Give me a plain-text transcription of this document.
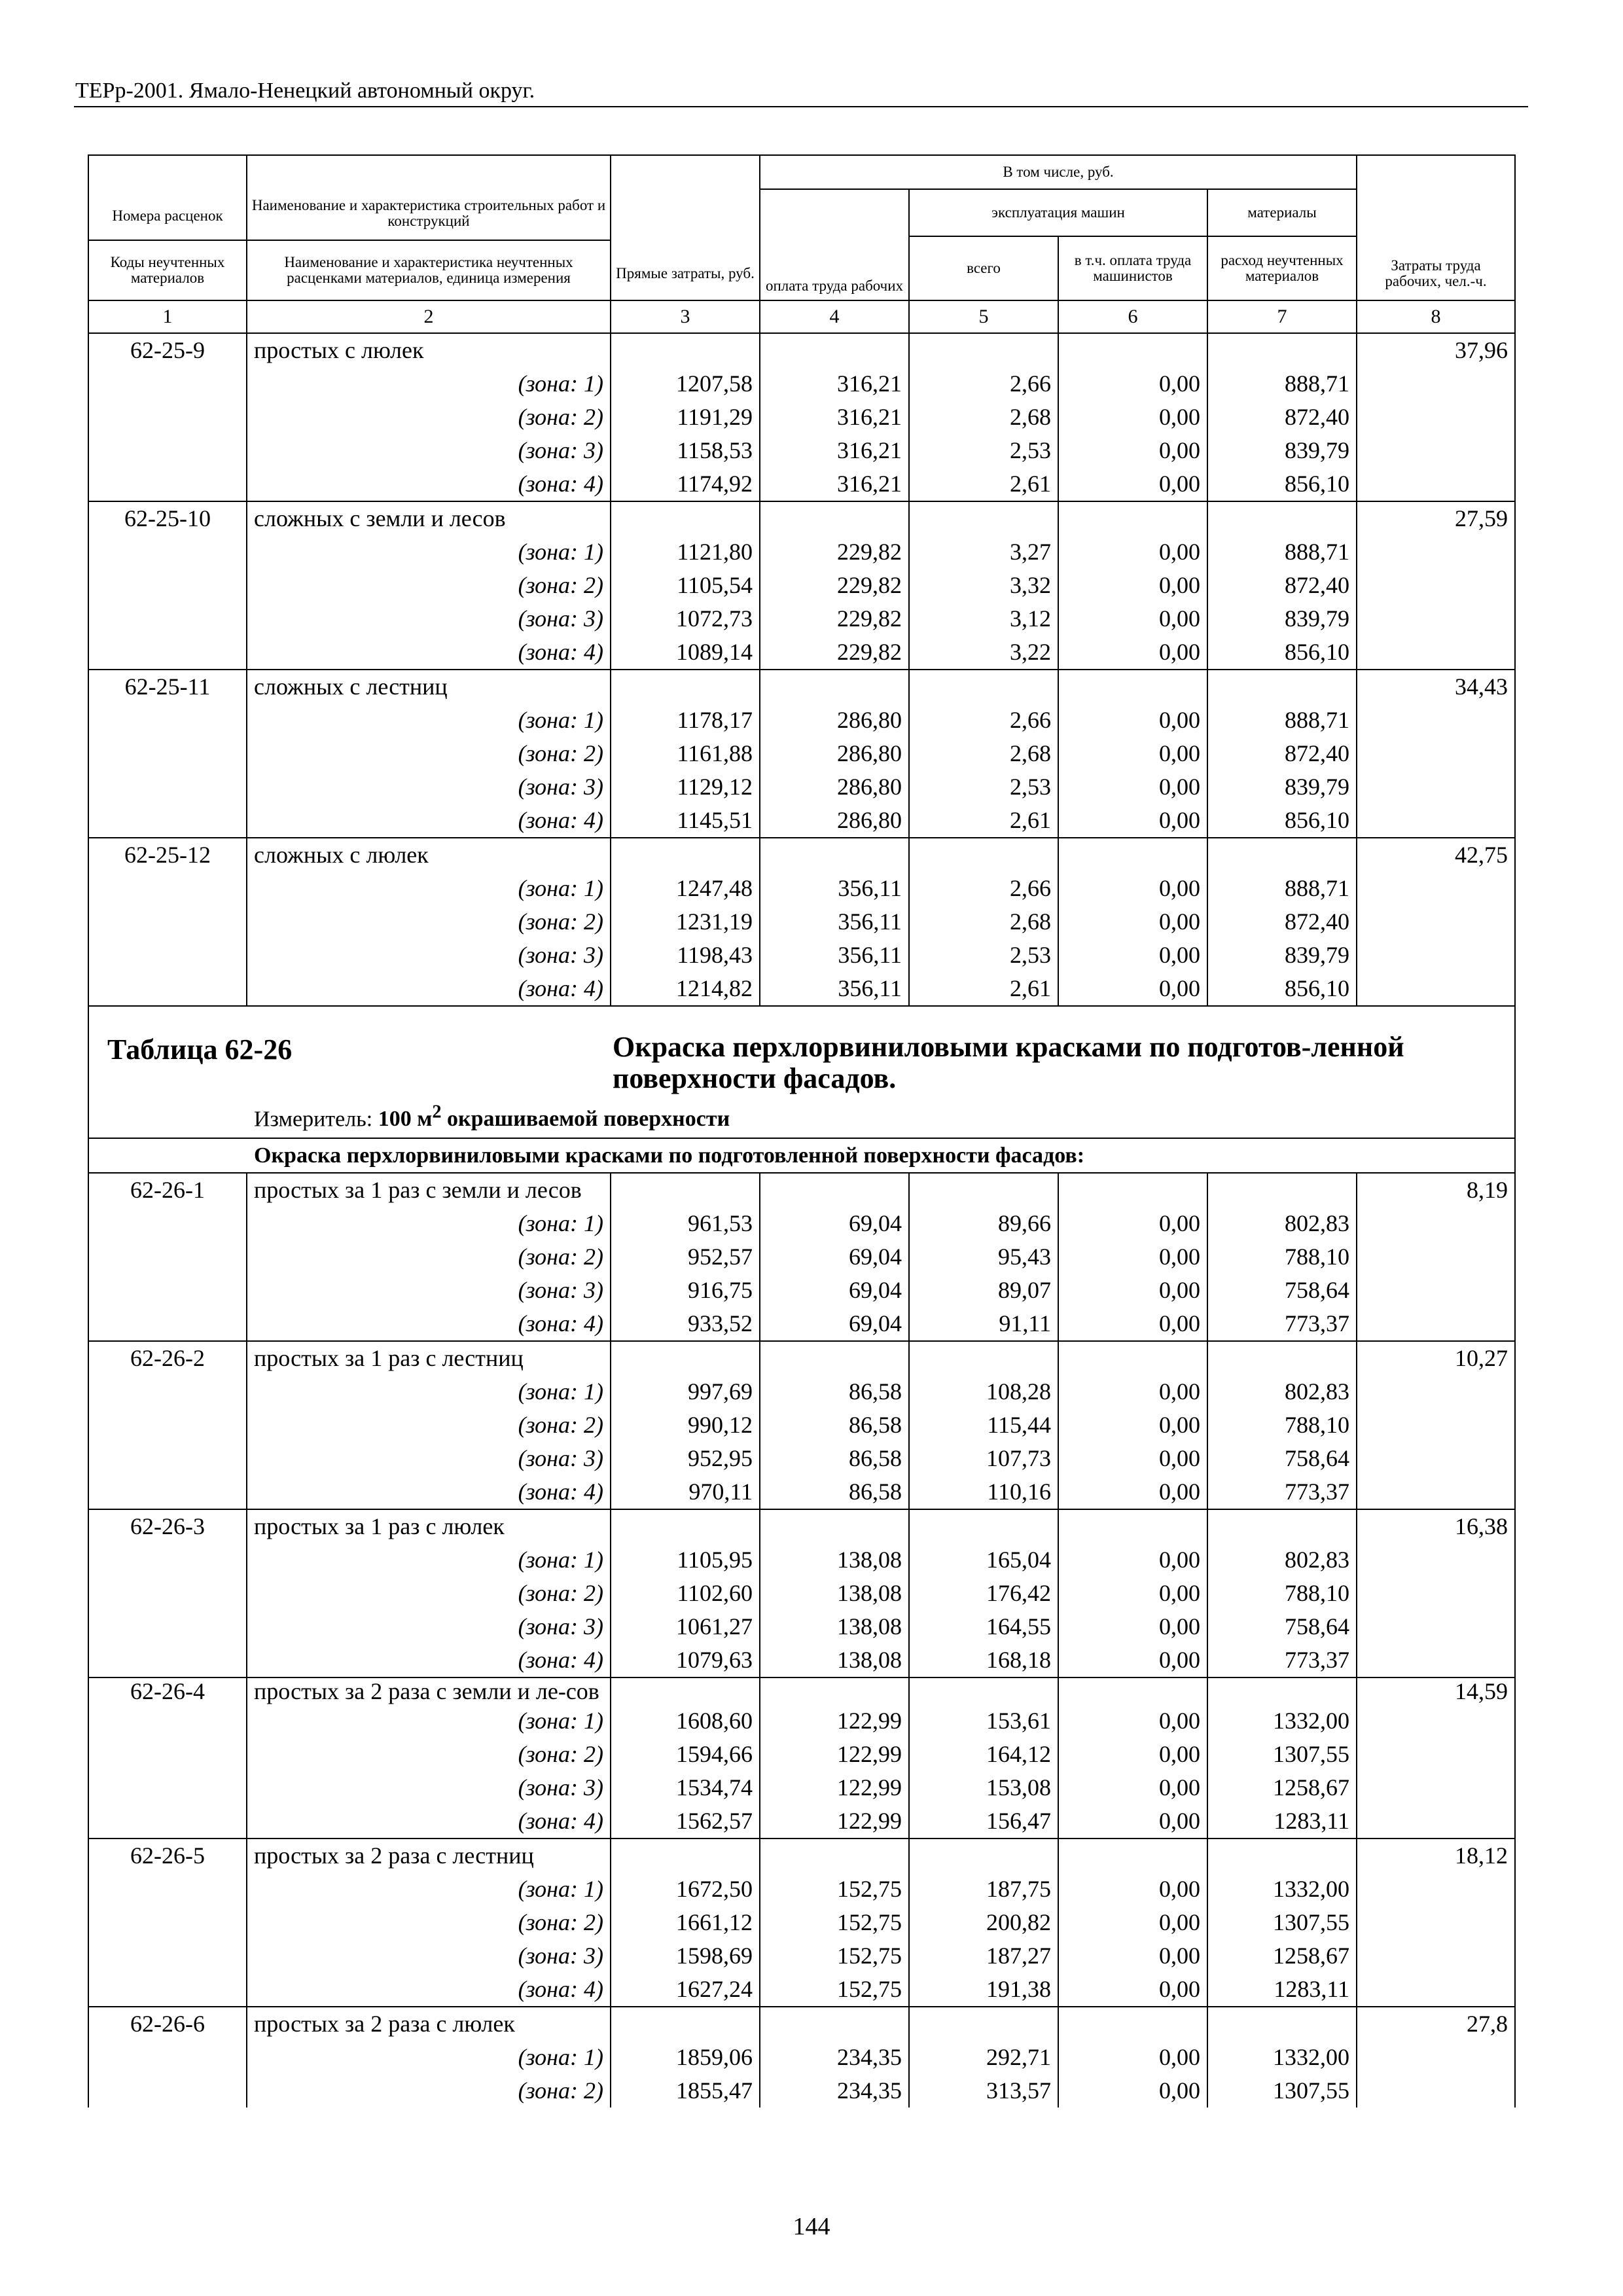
ТЕРр-2001. Ямало-Ненецкий автономный округ.
Номера расценок	Наименование и характеристика строительных работ и конструкций	Прямые затраты, руб.	В том числе, руб.				Затраты труда рабочих, чел.-ч.

			оплата труда рабочих	эксплуатация машин		материалы	
				всего	в т.ч. оплата труда машинистов	расход неучтенных материалов	
Коды неучтенных материалов	Наименование и характеристика неучтенных расценками материалов, единица измерения						
1	2	3	4	5	6	7	8
62-25-9	простых с люлек						37,96
	(зона: 1)	1207,58	316,21	2,66	0,00	888,71	
	(зона: 2)	1191,29	316,21	2,68	0,00	872,40	
	(зона: 3)	1158,53	316,21	2,53	0,00	839,79	
	(зона: 4)	1174,92	316,21	2,61	0,00	856,10	
62-25-10	сложных с земли и лесов						27,59
	(зона: 1)	1121,80	229,82	3,27	0,00	888,71	
	(зона: 2)	1105,54	229,82	3,32	0,00	872,40	
	(зона: 3)	1072,73	229,82	3,12	0,00	839,79	
	(зона: 4)	1089,14	229,82	3,22	0,00	856,10	
62-25-11	сложных с лестниц						34,43
	(зона: 1)	1178,17	286,80	2,66	0,00	888,71	
	(зона: 2)	1161,88	286,80	2,68	0,00	872,40	
	(зона: 3)	1129,12	286,80	2,53	0,00	839,79	
	(зона: 4)	1145,51	286,80	2,61	0,00	856,10	
62-25-12	сложных с люлек						42,75
	(зона: 1)	1247,48	356,11	2,66	0,00	888,71	
	(зона: 2)	1231,19	356,11	2,68	0,00	872,40	
	(зона: 3)	1198,43	356,11	2,53	0,00	839,79	
	(зона: 4)	1214,82	356,11	2,61	0,00	856,10	

Таблица 62-26 Окраска перхлорвиниловыми красками по подготов-ленной поверхности фасадов.
Измеритель: 100 $м^2$ окрашиваемой поверхности							

Окраска перхлорвиниловыми красками по подготовленной поверхности фасадов:							
62-26-1	простых за 1 раз с земли и лесов						8,19
	(зона: 1)	961,53	69,04	89,66	0,00	802,83	
	(зона: 2)	952,57	69,04	95,43	0,00	788,10	
	(зона: 3)	916,75	69,04	89,07	0,00	758,64	
	(зона: 4)	933,52	69,04	91,11	0,00	773,37	
62-26-2	простых за 1 раз с лестниц						10,27
	(зона: 1)	997,69	86,58	108,28	0,00	802,83	
	(зона: 2)	990,12	86,58	115,44	0,00	788,10	
	(зона: 3)	952,95	86,58	107,73	0,00	758,64	
	(зона: 4)	970,11	86,58	110,16	0,00	773,37	
62-26-3	простых за 1 раз с люлек						16,38
	(зона: 1)	1105,95	138,08	165,04	0,00	802,83	
	(зона: 2)	1102,60	138,08	176,42	0,00	788,10	
	(зона: 3)	1061,27	138,08	164,55	0,00	758,64	
	(зона: 4)	1079,63	138,08	168,18	0,00	773,37	
62-26-4	простых за 2 раза с земли и ле-сов						14,59
	(зона: 1)	1608,60	122,99	153,61	0,00	1332,00	
	(зона: 2)	1594,66	122,99	164,12	0,00	1307,55	
	(зона: 3)	1534,74	122,99	153,08	0,00	1258,67	
	(зона: 4)	1562,57	122,99	156,47	0,00	1283,11	
62-26-5	простых за 2 раза с лестниц						18,12
	(зона: 1)	1672,50	152,75	187,75	0,00	1332,00	
	(зона: 2)	1661,12	152,75	200,82	0,00	1307,55	
	(зона: 3)	1598,69	152,75	187,27	0,00	1258,67	
	(зона: 4)	1627,24	152,75	191,38	0,00	1283,11	
62-26-6	простых за 2 раза с люлек						27,8
	(зона: 1)	1859,06	234,35	292,71	0,00	1332,00	
	(зона: 2)	1855,47	234,35	313,57	0,00	1307,55	
144
